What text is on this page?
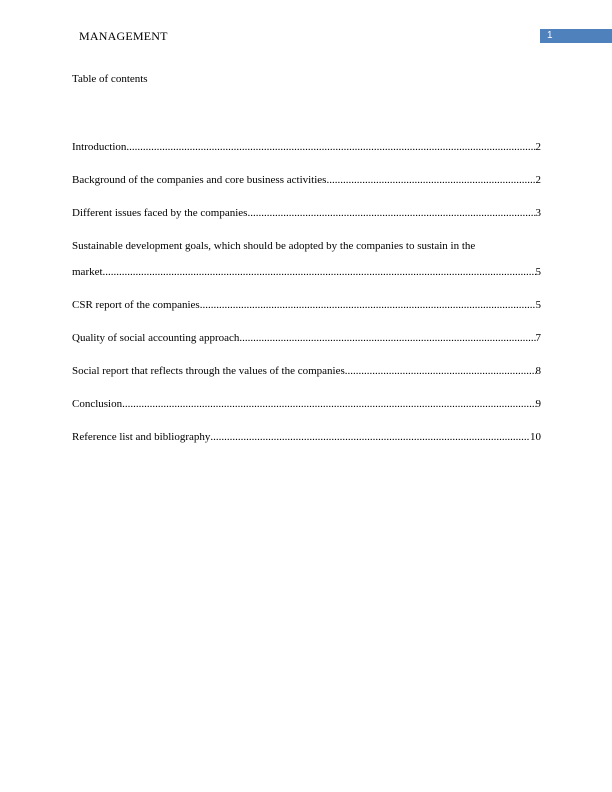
MANAGEMENT	1
Table of contents
Introduction .....	2
Background of the companies and core business activities .....	2
Different issues faced by the companies .....	3
Sustainable development goals, which should be adopted by the companies to sustain in the
market .....	5
CSR report of the companies .....	5
Quality of social accounting approach .....	7
Social report that reflects through the values of the companies .....	8
Conclusion .....	9
Reference list and bibliography .....	10
